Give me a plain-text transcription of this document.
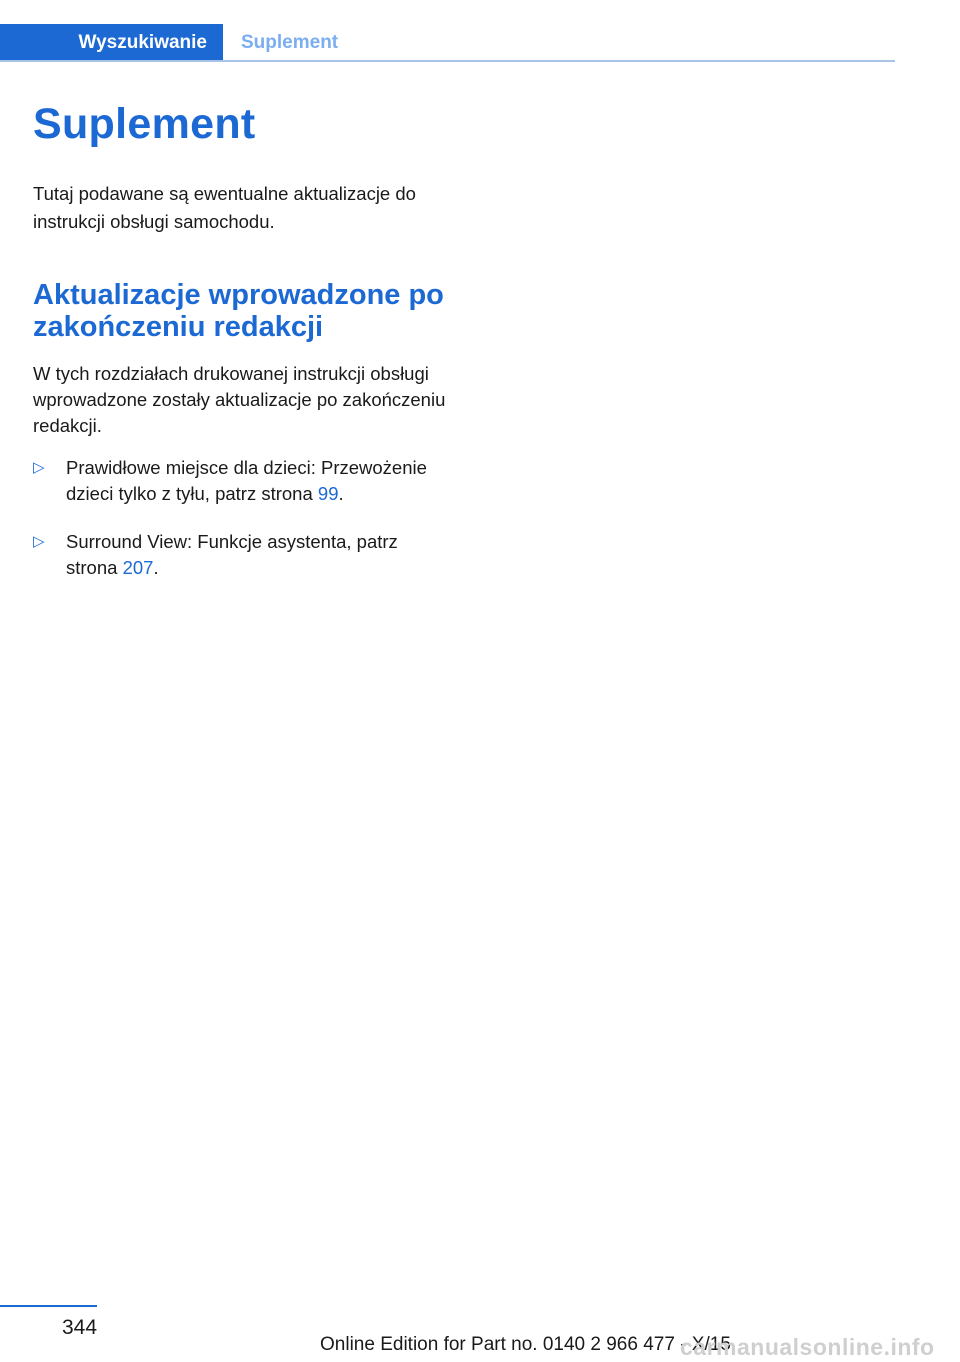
Wyszukiwanie	Suplement
Suplement

Tutaj podawane są ewentualne aktualizacje do instrukcji obsługi samochodu.

Aktualizacje wprowadzone po zakończeniu redakcji

W tych rozdziałach drukowanej instrukcji obsługi wprowadzone zostały aktualizacje po zakończeniu redakcji.

▷ Prawidłowe miejsce dla dzieci: Przewożenie dzieci tylko z tyłu, patrz strona 99.
▷ Surround View: Funkcje asystenta, patrz strona 207.
344
Online Edition for Part no. 0140 2 966 477 - X/15
carmanualsonline.info
